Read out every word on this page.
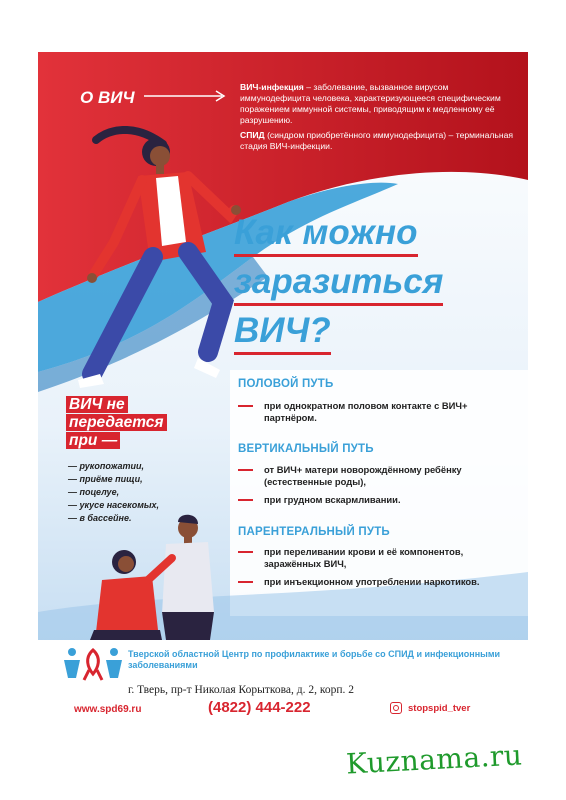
О ВИЧ

ВИЧ-инфекция – заболевание, вызванное вирусом иммунодефицита человека, характеризующееся специфическим поражением иммунной системы, приводящим к медленному её разрушению.

СПИД (синдром приобретённого иммунодефицита) – терминальная стадия ВИЧ-инфекции.

Как можно
заразиться
ВИЧ?
ПОЛОВОЙ ПУТЬ
при однократном половом контакте с ВИЧ+ партнёром.
ВЕРТИКАЛЬНЫЙ ПУТЬ
от ВИЧ+ матери новорождённому ребёнку (естественные роды),
при грудном вскармливании.
ПАРЕНТЕРАЛЬНЫЙ ПУТЬ
при переливании крови и её компонентов, заражённых ВИЧ,
при инъекционном употреблении наркотиков.
ВИЧ не
передается
при —
— рукопожатии,
— приёме пищи,
— поцелуе,
— укусе насекомых,
— в бассейне.
Тверской областной Центр по профилактике и борьбе со СПИД и инфекционными заболеваниями
г. Тверь, пр-т Николая Корыткова, д. 2, корп. 2
www.spd69.ru	(4822) 444-222	stopspid_tver
Kuznama.ru
